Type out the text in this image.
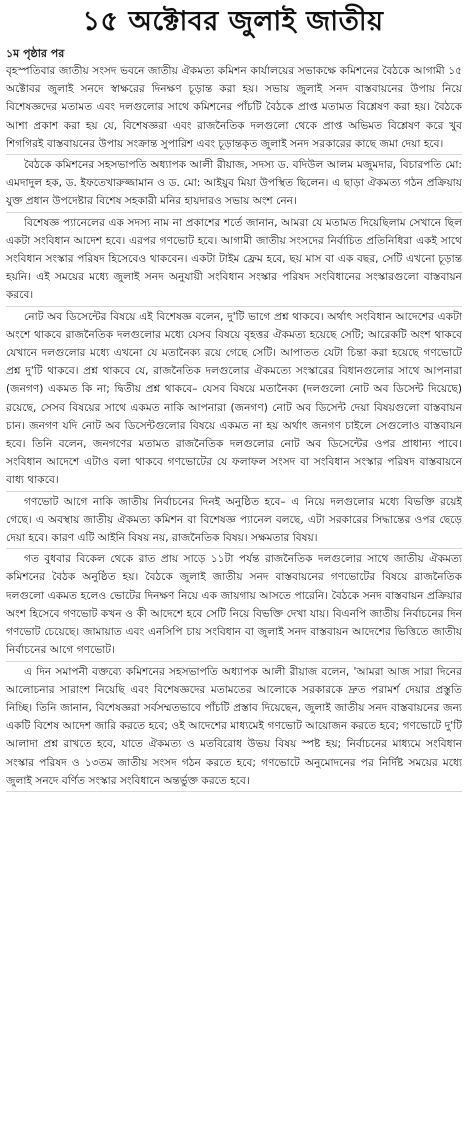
১৫ অক্টোবর জুলাই জাতীয়
১ম পৃষ্ঠার পর

বৃহস্পতিবার জাতীয় সংসদ ভবনে জাতীয় ঐকমত্য কমিশন কার্যালয়ের সভাকক্ষে কমিশনের বৈঠকে আগামী ১৫ অক্টোবর জুলাই সনদে স্বাক্ষরের দিনক্ষণ চূড়ান্ত করা হয়। সভায় জুলাই সনদ বাস্তবায়নের উপায় নিয়ে বিশেষজ্ঞদের মতামত এবং দলগুলোর সাথে কমিশনের পাঁচটি বৈঠকে প্রাপ্ত মতামত বিশ্লেষণ করা হয়। বৈঠকে আশা প্রকাশ করা হয় যে, বিশেষজ্ঞরা এবং রাজনৈতিক দলগুলো থেকে প্রাপ্ত অভিমত বিশ্লেষণ করে খুব শিগগিরই বাস্তবায়নের উপায় সংক্রান্ত সুপারিশ এবং চূড়ান্তকৃত জুলাই সনদ সরকারের কাছে জমা দেয়া হবে।

বৈঠকে কমিশনের সহসভাপতি অধ্যাপক আলী রীয়াজ, সদস্য ড. বদিউল আলম মজুমদার, বিচারপতি মো: এমদাদুল হক, ড. ইফতেখারুজ্জামান ও ড. মো: আইয়ুব মিয়া উপস্থিত ছিলেন। এ ছাড়া ঐকমত্য গঠন প্রক্রিয়ায় যুক্ত প্রধান উপদেষ্টার বিশেষ সহকারী মনির হায়দারও সভায় অংশ নেন।

বিশেষজ্ঞ প্যানেলের এক সদস্য নাম না প্রকাশের শর্তে জানান, আমরা যে মতামত দিয়েছিলাম সেখানে ছিল একটা সংবিধান আদেশ হবে। এরপর গণভোট হবে। আগামী জাতীয় সংসদের নির্বাচিত প্রতিনিধিরা একই সাথে সংবিধান সংস্কার পরিষদ হিসেবেও থাকবেন। একটা টাইম ফ্রেম হবে, ছয় মাস বা এক বছর, সেটি এখনো চূড়ান্ত হয়নি। এই সময়ের মধ্যে জুলাই সনদ অনুযায়ী সংবিধান সংস্কার পরিষদ সংবিধানের সংস্কারগুলো বাস্তবায়ন করবে।

নোট অব ডিসেন্টের বিষয়ে এই বিশেষজ্ঞ বলেন, দু'টি ভাগে প্রশ্ন থাকবে। অর্থাৎ সংবিধান আদেশের একটা অংশে থাকবে রাজনৈতিক দলগুলোর মধ্যে যেসব বিষয়ে বৃহত্তর ঐকমত্য হয়েছে সেটি; আরেকটি অংশ থাকবে যেখানে দলগুলোর মধ্যে এখনো যে মতানৈক্য রয়ে গেছে সেটি। আপাতত যেটা চিন্তা করা হয়েছে গণভোটে প্রশ্ন দু'টি থাকবে। প্রশ্ন থাকবে যে, রাজনৈতিক দলগুলোর ঐকমত্যে সংস্কারের বিধানগুলোর সাথে আপনারা (জনগণ) একমত কি না; দ্বিতীয় প্রশ্ন থাকবে– যেসব বিষয়ে মতানৈক্য (দলগুলো নোট অব ডিসেন্ট দিয়েছে) রয়েছে, সেসব বিষয়ের সাথে একমত নাকি আপনারা (জনগণ) নোট অব ডিসেন্ট দেয়া বিষয়গুলো বাস্তবায়ন চান। জনগণ যদি নোট অব ডিসেন্টগুলোর বিষয়ে একমত না হয় অর্থাৎ জনগণ চাইলে সেগুলোও বাস্তবায়ন হবে। তিনি বলেন, জনগণের মতামত রাজনৈতিক দলগুলোর নোট অব ডিসেন্টের ওপর প্রাধান্য পাবে। সংবিধান আদেশে এটাও বলা থাকবে গণভোটের যে ফলাফল সংসদ বা সংবিধান সংস্কার পরিষদ বাস্তবায়নে বাধ্য থাকবে।

গণভোট আগে নাকি জাতীয় নির্বাচনের দিনই অনুষ্ঠিত হবে– এ নিয়ে দলগুলোর মধ্যে বিভক্তি রয়েই গেছে। এ অবস্থায় জাতীয় ঐকমত্য কমিশন বা বিশেষজ্ঞ প্যানেল বলছে, এটা সরকারের সিদ্ধান্তের ওপর ছেড়ে দেয়া হবে। কারণ এটি আইনি বিষয় নয়, রাজনৈতিক বিষয়। সক্ষমতার বিষয়।

গত বুধবার বিকেল থেকে রাত প্রায় সাড়ে ১১টা পর্যন্ত রাজনৈতিক দলগুলোর সাথে জাতীয় ঐকমত্য কমিশনের বৈঠক অনুষ্ঠিত হয়। বৈঠকে জুলাই জাতীয় সনদ বাস্তবায়নের গণভোটের বিষয়ে রাজনৈতিক দলগুলো একমত হলেও ভোটের দিনক্ষণ নিয়ে এক জায়গায় আসতে পারেনি। বৈঠকে সনদ বাস্তবায়ন প্রক্রিয়ার অংশ হিসেবে গণভোট কখন ও কী আদেশে হবে সেটি নিয়ে বিভক্তি দেখা যায়। বিএনপি জাতীয় নির্বাচনের দিন গণভোট চেয়েছে। জামায়াত এবং এনসিপি চায় সংবিধান বা জুলাই সনদ বাস্তবায়ন আদেশের ভিত্তিতে জাতীয় নির্বাচনের আগে গণভোট।

এ দিন সমাপনী বক্তব্যে কমিশনের সহসভাপতি অধ্যাপক আলী রীয়াজ বলেন, 'আমরা আজ সারা দিনের আলোচনার সারাংশ নিয়েছি এবং বিশেষজ্ঞদের মতামতের আলোকে সরকারকে দ্রুত পরামর্শ দেয়ার প্রস্তুতি নিচ্ছি। তিনি জানান, বিশেষজ্ঞরা সর্বসম্মতভাবে পাঁচটি প্রস্তাব দিয়েছেন, জুলাই জাতীয় সনদ বাস্তবায়নের জন্য একটি বিশেষ আদেশ জারি করতে হবে; ওই আদেশের মাধ্যমেই গণভোট আয়োজন করতে হবে; গণভোটে দু'টি আলাদা প্রশ্ন রাখতে হবে, যাতে ঐকমত্য ও মতবিরোধ উভয় বিষয় স্পষ্ট হয়; নির্বাচনের মাধ্যমে সংবিধান সংস্কার পরিষদ ও ১৩তম জাতীয় সংসদ গঠন করতে হবে; গণভোটে অনুমোদনের পর নির্দিষ্ট সময়ের মধ্যে জুলাই সনদে বর্ণিত সংস্কার সংবিধানে অন্তর্ভুক্ত করতে হবে।
